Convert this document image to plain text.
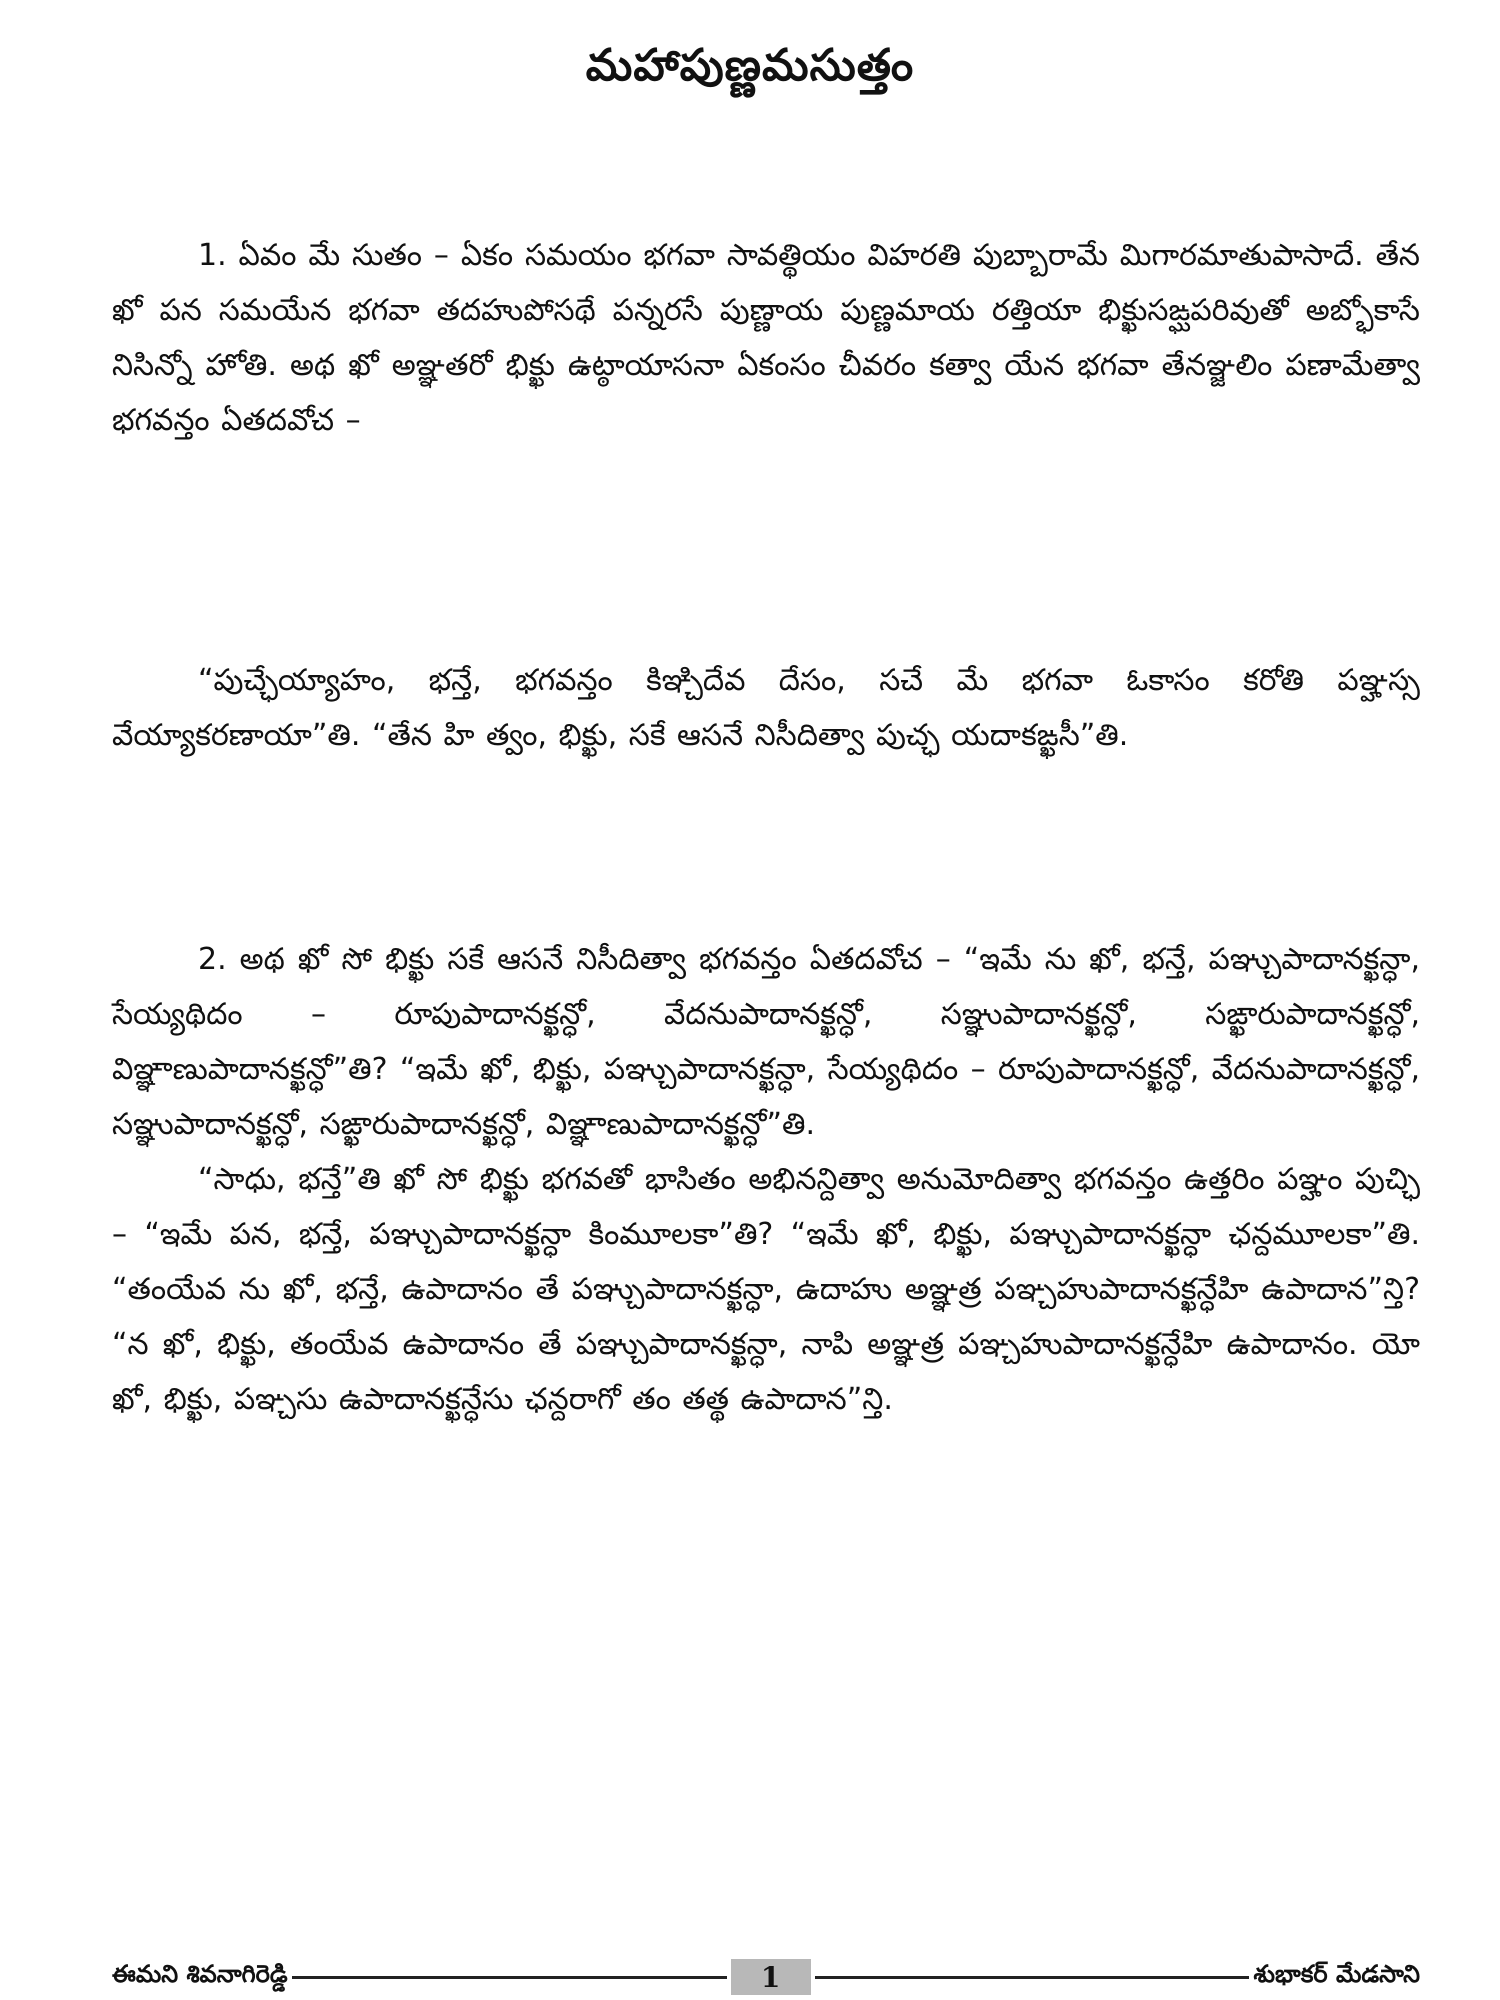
మహాపుణ్ణమసుత్తం

1. ఏవం మే సుతం – ఏకం సమయం భగవా సావత్థియం విహరతి పుబ్బారామే మిగారమాతుపాసాదే. తేన ఖో పన సమయేన భగవా తదహుపోసథే పన్నరసే పుణ్ణాయ పుణ్ణమాయ రత్తియా భిక్ఖుసఙ్ఘపరివుతో అబ్భోకాసే నిసిన్నో హోతి. అథ ఖో అఞ్ఞతరో భిక్ఖు ఉట్ఠాయాసనా ఏకంసం చీవరం కత్వా యేన భగవా తేనఞ్జలిం పణామేత్వా భగవన్తం ఏతదవోచ –

“పుచ్ఛేయ్యాహం, భన్తే, భగవన్తం కిఞ్చిదేవ దేసం, సచే మే భగవా ఓకాసం కరోతి పఞ్హస్స వేయ్యాకరణాయా”తి. “తేన హి త్వం, భిక్ఖు, సకే ఆసనే నిసీదిత్వా పుచ్ఛ యదాకఙ్ఖసీ”తి.

2. అథ ఖో సో భిక్ఖు సకే ఆసనే నిసీదిత్వా భగవన్తం ఏతదవోచ – “ఇమే ను ఖో, భన్తే, పఞ్చుపాదానక్ఖన్ధా, సేయ్యథిదం – రూపుపాదానక్ఖన్ధో, వేదనుపాదానక్ఖన్ధో, సఞ్ఞుపాదానక్ఖన్ధో, సఙ్ఖారుపాదానక్ఖన్ధో, విఞ్ఞాణుపాదానక్ఖన్ధో”తి? “ఇమే ఖో, భిక్ఖు, పఞ్చుపాదానక్ఖన్ధా, సేయ్యథిదం – రూపుపాదానక్ఖన్ధో, వేదనుపాదానక్ఖన్ధో, సఞ్ఞుపాదానక్ఖన్ధో, సఙ్ఖారుపాదానక్ఖన్ధో, విఞ్ఞాణుపాదానక్ఖన్ధో”తి.

“సాధు, భన్తే”తి ఖో సో భిక్ఖు భగవతో భాసితం అభినన్దిత్వా అనుమోదిత్వా భగవన్తం ఉత్తరిం పఞ్హం పుచ్ఛి – “ఇమే పన, భన్తే, పఞ్చుపాదానక్ఖన్ధా కింమూలకా”తి? “ఇమే ఖో, భిక్ఖు, పఞ్చుపాదానక్ఖన్ధా ఛన్దమూలకా”తి. “తంయేవ ను ఖో, భన్తే, ఉపాదానం తే పఞ్చుపాదానక్ఖన్ధా, ఉదాహు అఞ్ఞత్ర పఞ్చహుపాదానక్ఖన్ధేహి ఉపాదాన”న్తి? “న ఖో, భిక్ఖు, తంయేవ ఉపాదానం తే పఞ్చుపాదానక్ఖన్ధా, నాపి అఞ్ఞత్ర పఞ్చహుపాదానక్ఖన్ధేహి ఉపాదానం. యో ఖో, భిక్ఖు, పఞ్చసు ఉపాదానక్ఖన్ధేసు ఛన్దరాగో తం తత్థ ఉపాదాన”న్తి.

ఈమని శివనాగిరెడ్డి	1	శుభాకర్ మేడసాని
